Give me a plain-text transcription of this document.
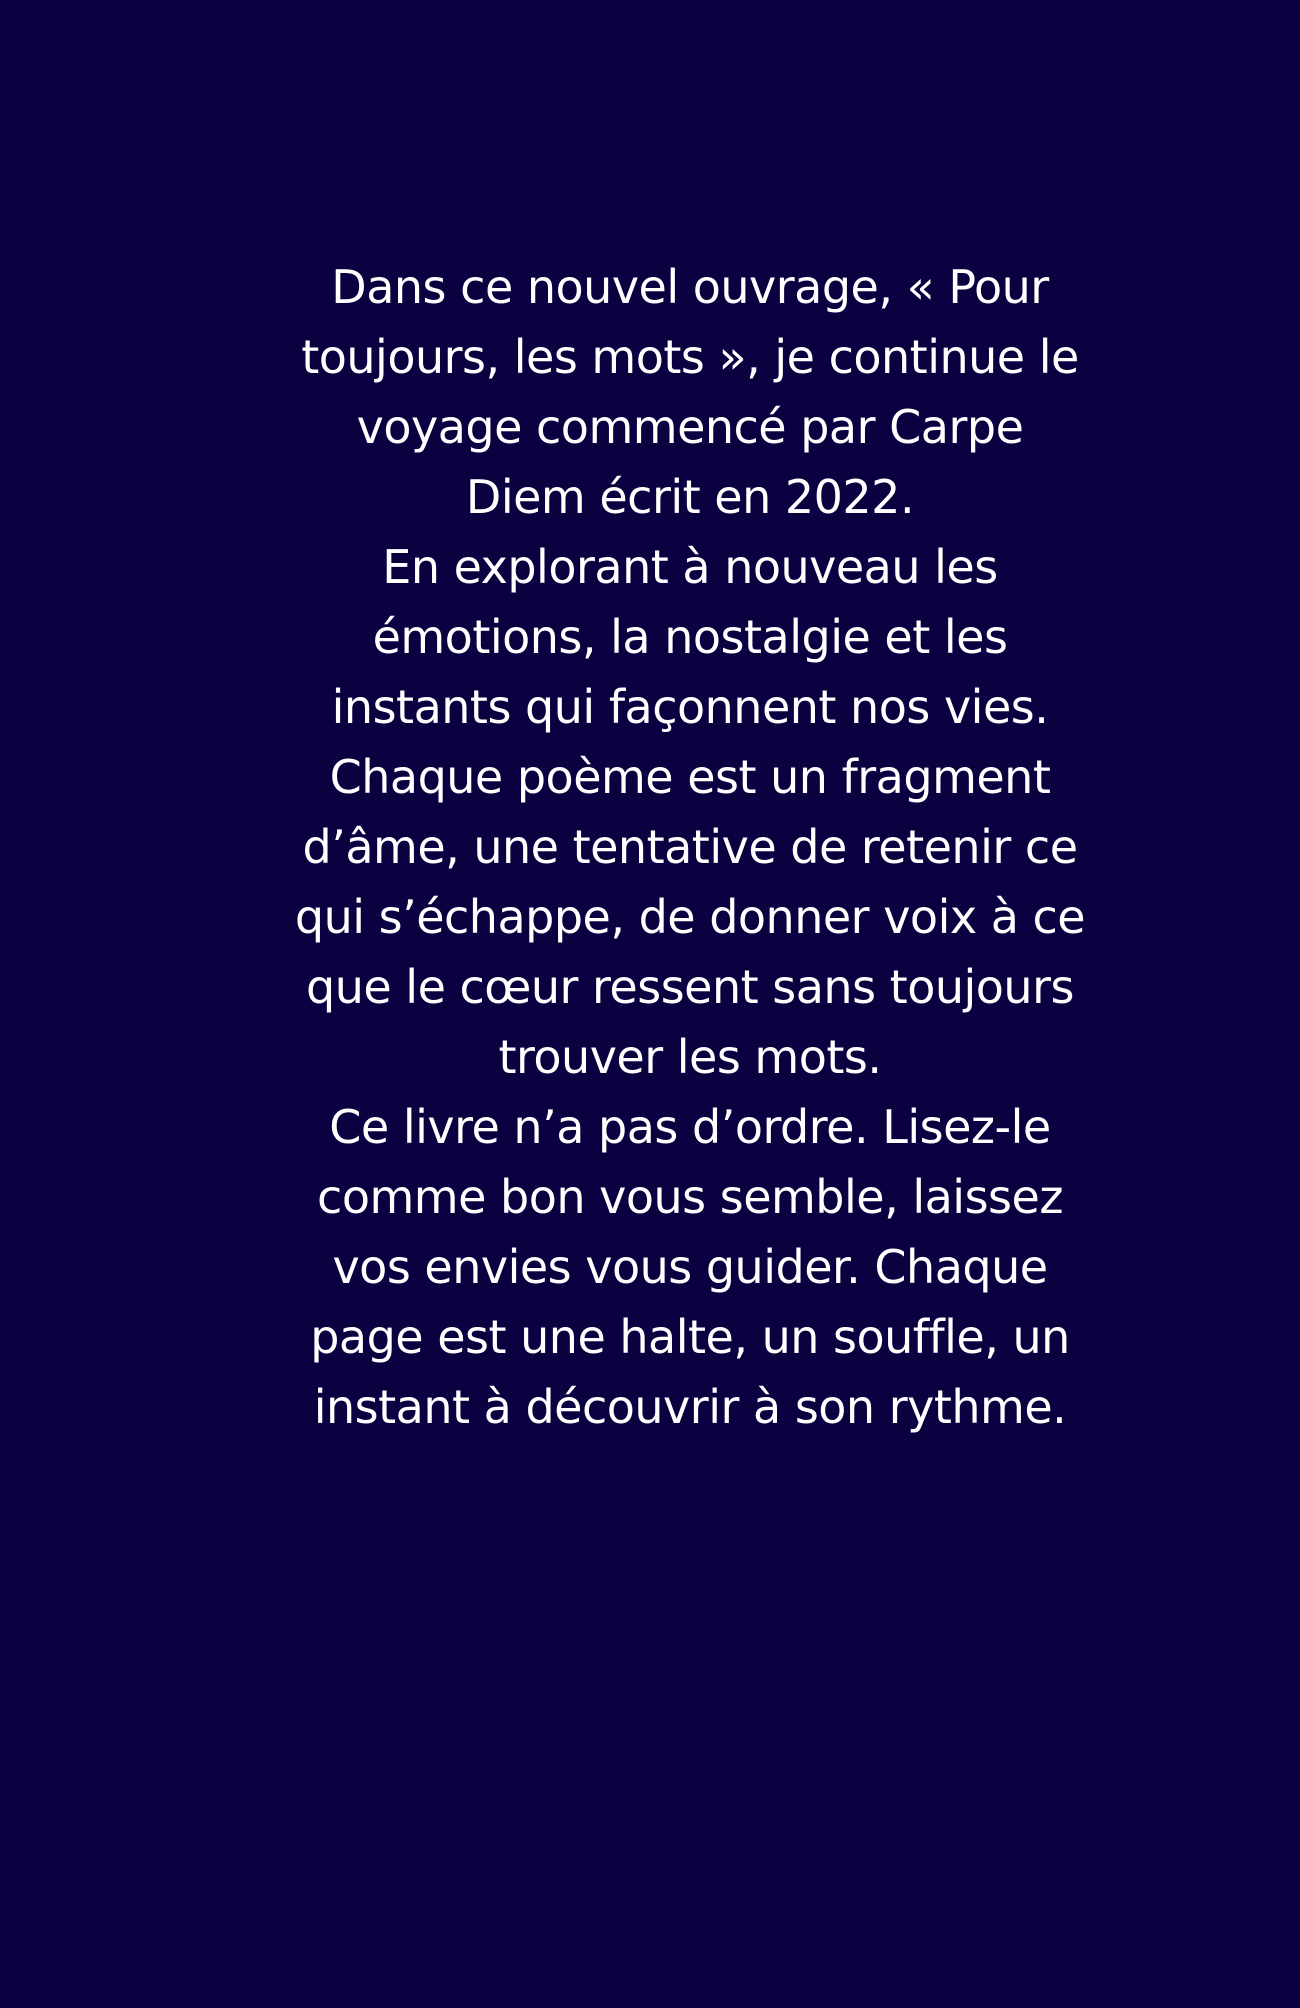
Dans ce nouvel ouvrage, « Pour
toujours, les mots », je continue le
voyage commencé par Carpe
Diem écrit en 2022.
En explorant à nouveau les
émotions, la nostalgie et les
instants qui façonnent nos vies.
Chaque poème est un fragment
d’âme, une tentative de retenir ce
qui s’échappe, de donner voix à ce
que le cœur ressent sans toujours
trouver les mots.
Ce livre n’a pas d’ordre. Lisez-le
comme bon vous semble, laissez
vos envies vous guider. Chaque
page est une halte, un souffle, un
instant à découvrir à son rythme.
